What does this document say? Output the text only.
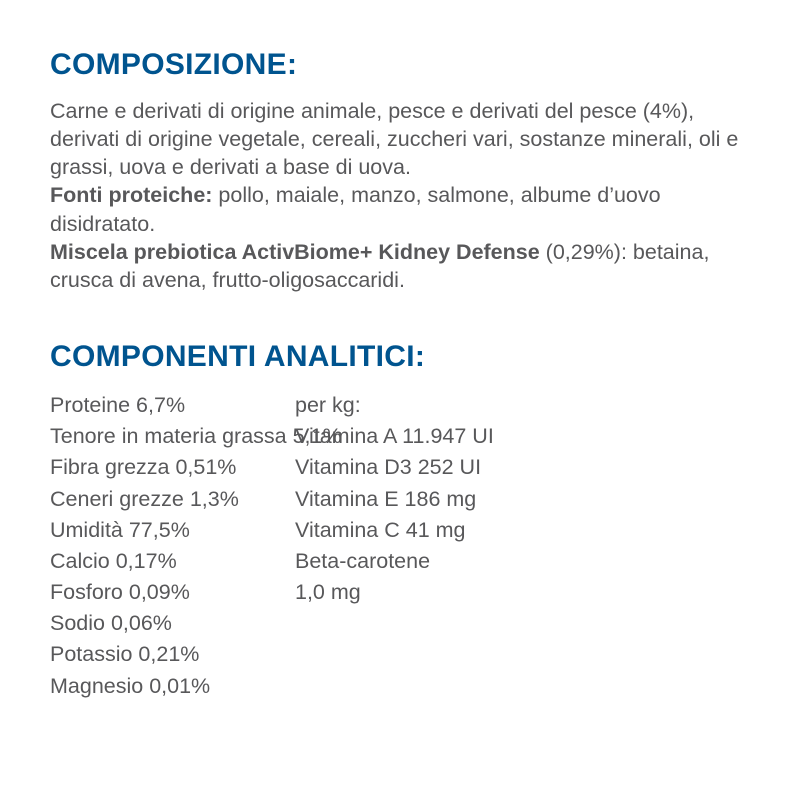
COMPOSIZIONE:

Carne e derivati di origine animale, pesce e derivati del pesce (4%), derivati di origine vegetale, cereali, zuccheri vari, sostanze minerali, oli e grassi, uova e derivati a base di uova.

Fonti proteiche: pollo, maiale, manzo, salmone, albume d’uovo disidratato.

Miscela prebiotica ActivBiome+ Kidney Defense (0,29%): betaina, crusca di avena, frutto-oligosaccaridi.

COMPONENTI ANALITICI:
Proteine 6,7%
Tenore in materia grassa 5,1%
Fibra grezza 0,51%
Ceneri grezze 1,3%
Umidità 77,5%
Calcio 0,17%
Fosforo 0,09%
Sodio 0,06%
Potassio 0,21%
Magnesio 0,01%
per kg:
Vitamina A 11.947 UI
Vitamina D3 252 UI
Vitamina E 186 mg
Vitamina C 41 mg
Beta-carotene
1,0 mg
